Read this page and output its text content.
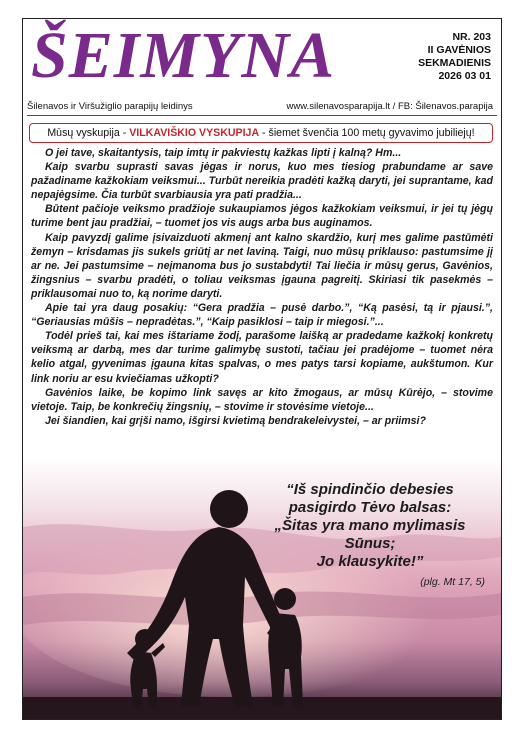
ŠEIMYNA	NR. 203
II GAVĖNIOS
SEKMADIENIS
2026 03 01
Šilenavos ir Viršužiglio parapijų leidinys	www.silenavosparapija.lt / FB: Šilenavos.parapija
Mūsų vyskupija - VILKAVIŠKIO VYSKUPIJA - šiemet švenčia 100 metų gyvavimo jubiliejų!

O jei tave, skaitantysis, taip imtų ir pakviestų kažkas lipti į kalną? Hm...

Kaip svarbu suprasti savas jėgas ir norus, kuo mes tiesiog prabundame ar save pažadiname kažkokiam veiksmui... Turbūt nereikia pradėti kažką daryti, jei suprantame, kad nepajėgsime. Čia turbūt svarbiausia yra pati pradžia...

Būtent pačioje veiksmo pradžioje sukaupiamos jėgos kažkokiam veiksmui, ir jei tų jėgų turime bent jau pradžiai, – tuomet jos vis augs arba bus auginamos.

Kaip pavyzdį galime įsivaizduoti akmenį ant kalno skardžio, kurį mes galime pastūmėti žemyn – krisdamas jis sukels griūtį ar net laviną. Taigi, nuo mūsų priklauso: pastumsime jį ar ne. Jei pastumsime – neįmanoma bus jo sustabdyti! Tai liečia ir mūsų gerus, Gavėnios, žingsnius – svarbu pradėti, o toliau veiksmas įgauna pagreitį. Skiriasi tik pasekmės – priklausomai nuo to, ką norime daryti.

Apie tai yra daug posakių: “Gera pradžia – pusė darbo.”, “Ką pasėsi, tą ir pjausi.”, “Geriausias mūšis – nepradėtas.”, “Kaip pasiklosi – taip ir miegosi.”...

Todėl prieš tai, kai mes ištariame žodį, parašome laišką ar pradedame kažkokį konkretų veiksmą ar darbą, mes dar turime galimybę sustoti, tačiau jei pradėjome – tuomet nėra kelio atgal, gyvenimas įgauna kitas spalvas, o mes patys tarsi kopiame, aukštumon. Kur link noriu ar esu kviečiamas užkopti?

Gavėnios laike, be kopimo link savęs ar kito žmogaus, ar mūsų Kūrėjo, – stovime vietoje. Taip, be konkrečių žingsnių, – stovime ir stovėsime vietoje...

Jei šiandien, kai grįši namo, išgirsi kvietimą bendrakeleivystei, – ar priimsi?

“Iš spindinčio debesies
pasigirdo Tėvo balsas:
„Šitas yra mano mylimasis Sūnus;
Jo klausykite!”
(plg. Mt 17, 5)
